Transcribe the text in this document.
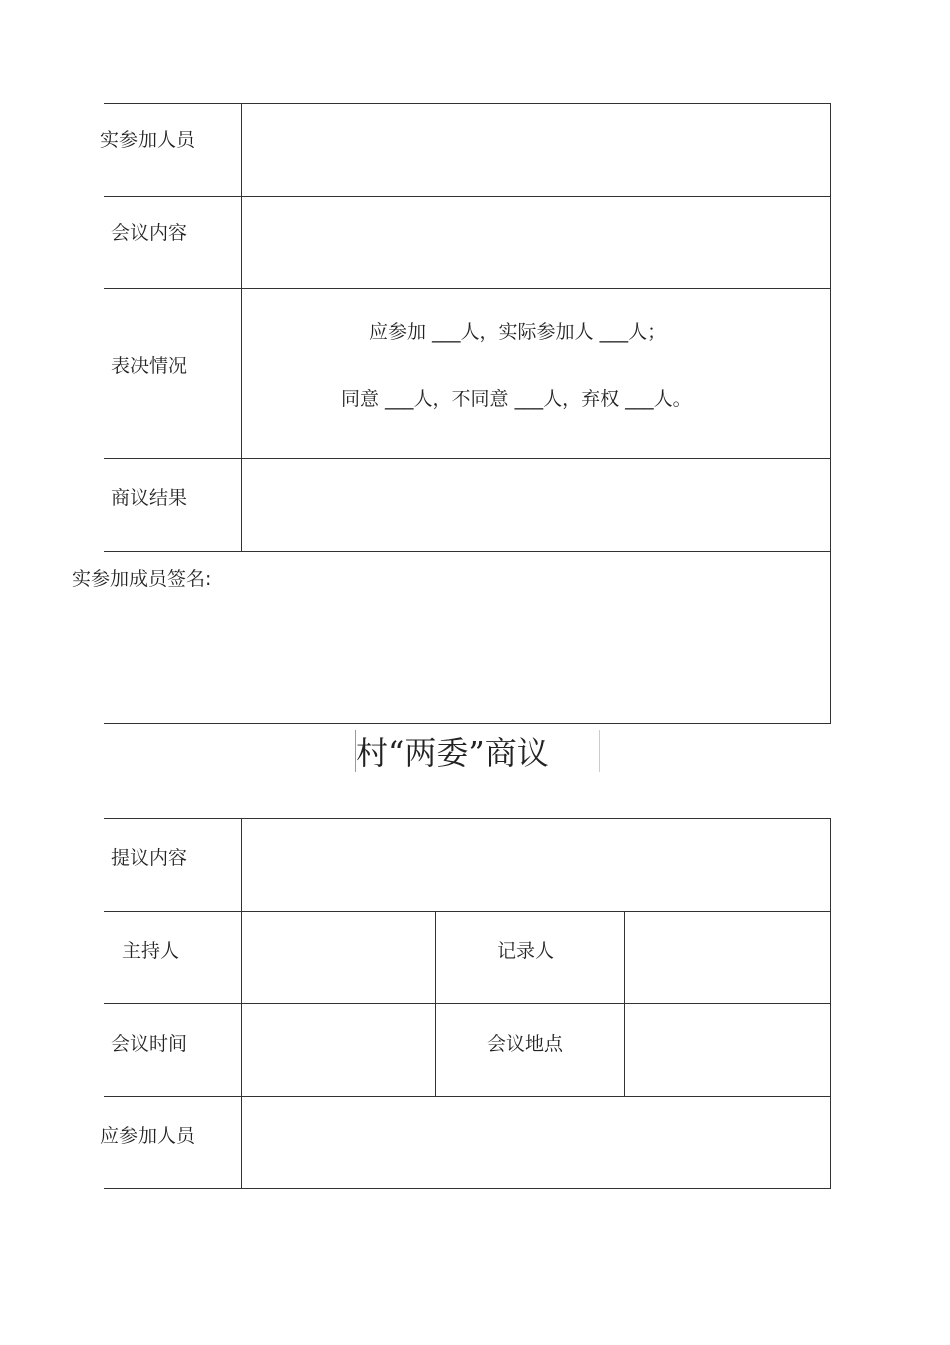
实参加人员
会议内容
表决情况
商议结果
应参加 ___人，实际参加人 ___人；
同意 ___人，不同意 ___人，弃权 ___人。
实参加成员签名:
村“两委”商议
提议内容
主持人	记录人
会议时间	会议地点
应参加人员
